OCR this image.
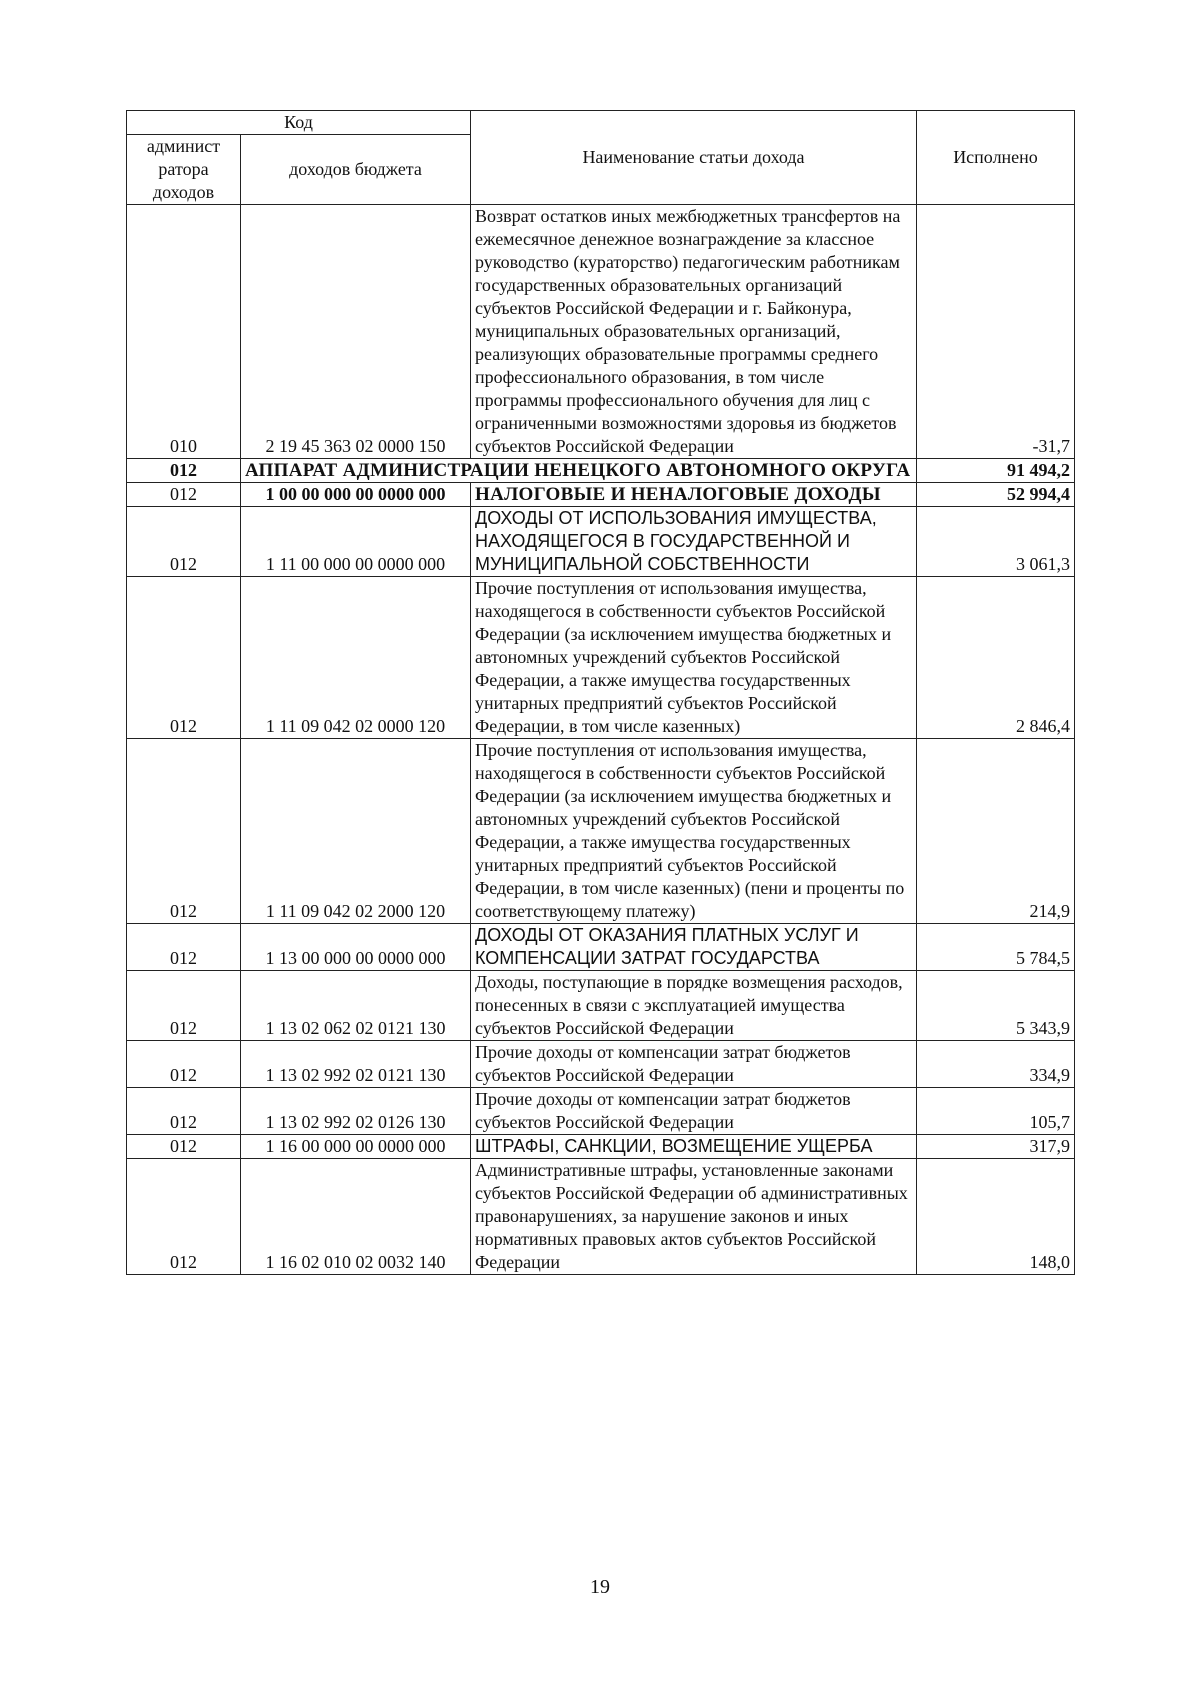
Код		Наименование статьи дохода	Исполнено
админист ратора доходов	доходов бюджета		
010	2 19 45 363 02 0000 150	Возврат остатков иных межбюджетных трансфертов на ежемесячное денежное вознаграждение за классное руководство (кураторство) педагогическим работникам государственных образовательных организаций субъектов Российской Федерации и г. Байконура, муниципальных образовательных организаций, реализующих образовательные программы среднего профессионального образования, в том числе программы профессионального обучения для лиц с ограниченными возможностями здоровья из бюджетов субъектов Российской Федерации	-31,7
012	АППАРАТ АДМИНИСТРАЦИИ НЕНЕЦКОГО АВТОНОМНОГО ОКРУГА		91 494,2
012	1 00 00 000 00 0000 000	НАЛОГОВЫЕ И НЕНАЛОГОВЫЕ ДОХОДЫ	52 994,4
012	1 11 00 000 00 0000 000	ДОХОДЫ ОТ ИСПОЛЬЗОВАНИЯ ИМУЩЕСТВА, НАХОДЯЩЕГОСЯ В ГОСУДАРСТВЕННОЙ И МУНИЦИПАЛЬНОЙ СОБСТВЕННОСТИ	3 061,3
012	1 11 09 042 02 0000 120	Прочие поступления от использования имущества, находящегося в собственности субъектов Российской Федерации (за исключением имущества бюджетных и автономных учреждений субъектов Российской Федерации, а также имущества государственных унитарных предприятий субъектов Российской Федерации, в том числе казенных)	2 846,4
012	1 11 09 042 02 2000 120	Прочие поступления от использования имущества, находящегося в собственности субъектов Российской Федерации (за исключением имущества бюджетных и автономных учреждений субъектов Российской Федерации, а также имущества государственных унитарных предприятий субъектов Российской Федерации, в том числе казенных) (пени и проценты по соответствующему платежу)	214,9
012	1 13 00 000 00 0000 000	ДОХОДЫ ОТ ОКАЗАНИЯ ПЛАТНЫХ УСЛУГ И КОМПЕНСАЦИИ ЗАТРАТ ГОСУДАРСТВА	5 784,5
012	1 13 02 062 02 0121 130	Доходы, поступающие в порядке возмещения расходов, понесенных в связи с эксплуатацией имущества субъектов Российской Федерации	5 343,9
012	1 13 02 992 02 0121 130	Прочие доходы от компенсации затрат бюджетов субъектов Российской Федерации	334,9
012	1 13 02 992 02 0126 130	Прочие доходы от компенсации затрат бюджетов субъектов Российской Федерации	105,7
012	1 16 00 000 00 0000 000	ШТРАФЫ, САНКЦИИ, ВОЗМЕЩЕНИЕ УЩЕРБА	317,9
012	1 16 02 010 02 0032 140	Административные штрафы, установленные законами субъектов Российской Федерации об административных правонарушениях, за нарушение законов и иных нормативных правовых актов субъектов Российской Федерации	148,0
19
